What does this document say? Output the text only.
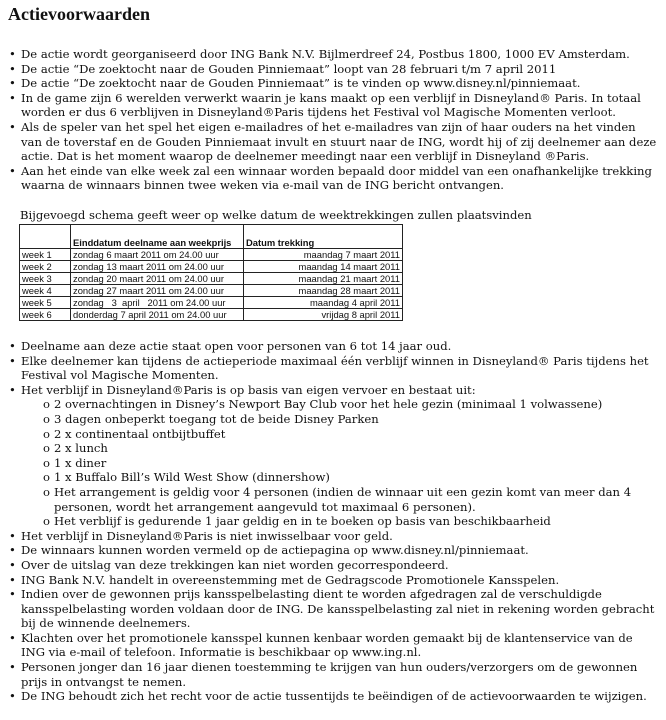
Actievoorwaarden
• De actie wordt georganiseerd door ING Bank N.V. Bijlmerdreef 24, Postbus 1800, 1000 EV Amsterdam.
• De actie “De zoektocht naar de Gouden Pinniemaat” loopt van 28 februari t/m 7 april 2011
• De actie “De zoektocht naar de Gouden Pinniemaat” is te vinden op www.disney.nl/pinniemaat.
• In de game zijn 6 werelden verwerkt waarin je kans maakt op een verblijf in Disneyland® Paris. In totaal worden er dus 6 verblijven in Disneyland®Paris tijdens het Festival vol Magische Momenten verloot.
• Als de speler van het spel het eigen e-mailadres of het e-mailadres van zijn of haar ouders na het vinden van de toverstaf en de Gouden Pinniemaat invult en stuurt naar de ING, wordt hij of zij deelnemer aan deze actie. Dat is het moment waarop de deelnemer meedingt naar een verblijf in Disneyland ®Paris.
• Aan het einde van elke week zal een winnaar worden bepaald door middel van een onafhankelijke trekking waarna de winnaars binnen twee weken via e-mail van de ING bericht ontvangen.

Bijgevoegd schema geeft weer op welke datum de weektrekkingen zullen plaatsvinden

	Einddatum deelname aan weekprijs	Datum trekking
week 1	zondag 6 maart 2011 om 24.00 uur	maandag 7 maart 2011
week 2	zondag 13 maart 2011 om 24.00 uur	maandag 14 maart 2011
week 3	zondag 20 maart 2011 om 24.00 uur	maandag 21 maart 2011
week 4	zondag 27 maart 2011 om 24.00 uur	maandag 28 maart 2011
week 5	zondag   3  april   2011 om 24.00 uur	maandag 4 april 2011
week 6	donderdag 7 april 2011 om 24.00 uur	vrijdag 8 april 2011
• Deelname aan deze actie staat open voor personen van 6 tot 14 jaar oud.
• Elke deelnemer kan tijdens de actieperiode maximaal één verblijf winnen in Disneyland® Paris tijdens het Festival vol Magische Momenten.
• Het verblijf in Disneyland®Paris is op basis van eigen vervoer en bestaat uit:
o 2 overnachtingen in Disney’s Newport Bay Club voor het hele gezin (minimaal 1 volwassene)
o 3 dagen onbeperkt toegang tot de beide Disney Parken
o 2 x continentaal ontbijtbuffet
o 2 x lunch
o 1 x diner
o 1 x Buffalo Bill’s Wild West Show (dinnershow)
o Het arrangement is geldig voor 4 personen (indien de winnaar uit een gezin komt van meer dan 4 personen, wordt het arrangement aangevuld tot maximaal 6 personen).
o Het verblijf is gedurende 1 jaar geldig en in te boeken op basis van beschikbaarheid
• Het verblijf in Disneyland®Paris is niet inwisselbaar voor geld.
• De winnaars kunnen worden vermeld op de actiepagina op www.disney.nl/pinniemaat.
• Over de uitslag van deze trekkingen kan niet worden gecorrespondeerd.
• ING Bank N.V. handelt in overeenstemming met de Gedragscode Promotionele Kansspelen.
• Indien over de gewonnen prijs kansspelbelasting dient te worden afgedragen zal de verschuldigde kansspelbelasting worden voldaan door de ING. De kansspelbelasting zal niet in rekening worden gebracht bij de winnende deelnemers.
• Klachten over het promotionele kansspel kunnen kenbaar worden gemaakt bij de klantenservice van de ING via e-mail of telefoon. Informatie is beschikbaar op www.ing.nl.
• Personen jonger dan 16 jaar dienen toestemming te krijgen van hun ouders/verzorgers om de gewonnen prijs in ontvangst te nemen.
• De ING behoudt zich het recht voor de actie tussentijds te beëindigen of de actievoorwaarden te wijzigen.
